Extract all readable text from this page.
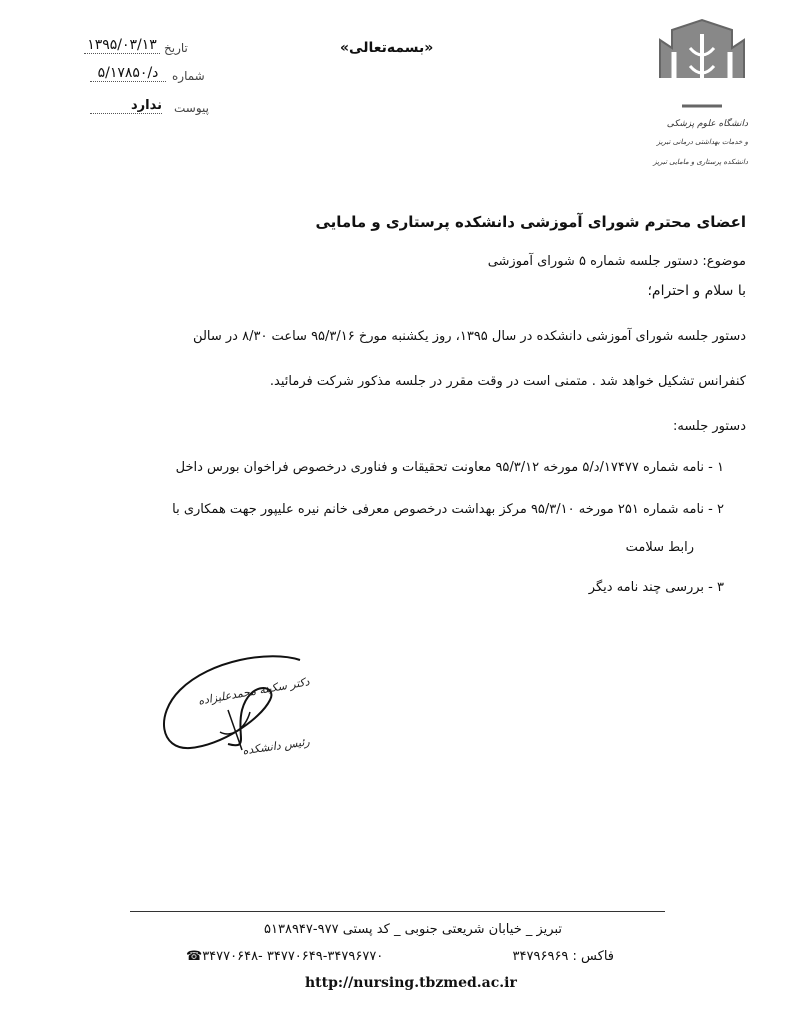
دانشگاه علوم پزشکی
و خدمات بهداشتی درمانی تبریز
دانشکده پرستاری و مامایی تبریز
«بسمه‌تعالی»
۱۳۹۵/۰۳/۱۳ تاریخ
۵/د/۱۷۸۵۰	شماره
ندارد پیوست
اعضای محترم شورای آموزشی دانشکده پرستاری و مامایی
موضوع: دستور جلسه شماره ۵ شورای آموزشی
با سلام و احترام؛
دستور جلسه شورای آموزشی دانشکده در سال ۱۳۹۵، روز یکشنبه مورخ ۹۵/۳/۱۶ ساعت ۸/۳۰ در سالن
کنفرانس تشکیل خواهد شد . متمنی است در وقت مقرر در جلسه مذکور شرکت فرمائید.
دستور جلسه:
۱ - نامه شماره ۱۷۴۷۷/د/۵ مورخه ۹۵/۳/۱۲ معاونت تحقیقات و فناوری درخصوص فراخوان بورس داخل
۲ - نامه شماره ۲۵۱ مورخه ۹۵/۳/۱۰ مرکز بهداشت درخصوص معرفی خانم نیره علیپور جهت همکاری با
رابط سلامت
۳ - بررسی چند نامه دیگر
دکتر سکینه محمدعلیزاده
رئیس دانشکده
تبریز _ خیابان شریعتی جنوبی _ کد پستی ۹۷۷-۵۱۳۸۹۴۷
فاکس : ۳۴۷۹۶۹۶۹
☎۳۴۷۷۰۶۴۸- ۳۴۷۷۰۶۴۹-۳۴۷۹۶۷۷۰
http://nursing.tbzmed.ac.ir
